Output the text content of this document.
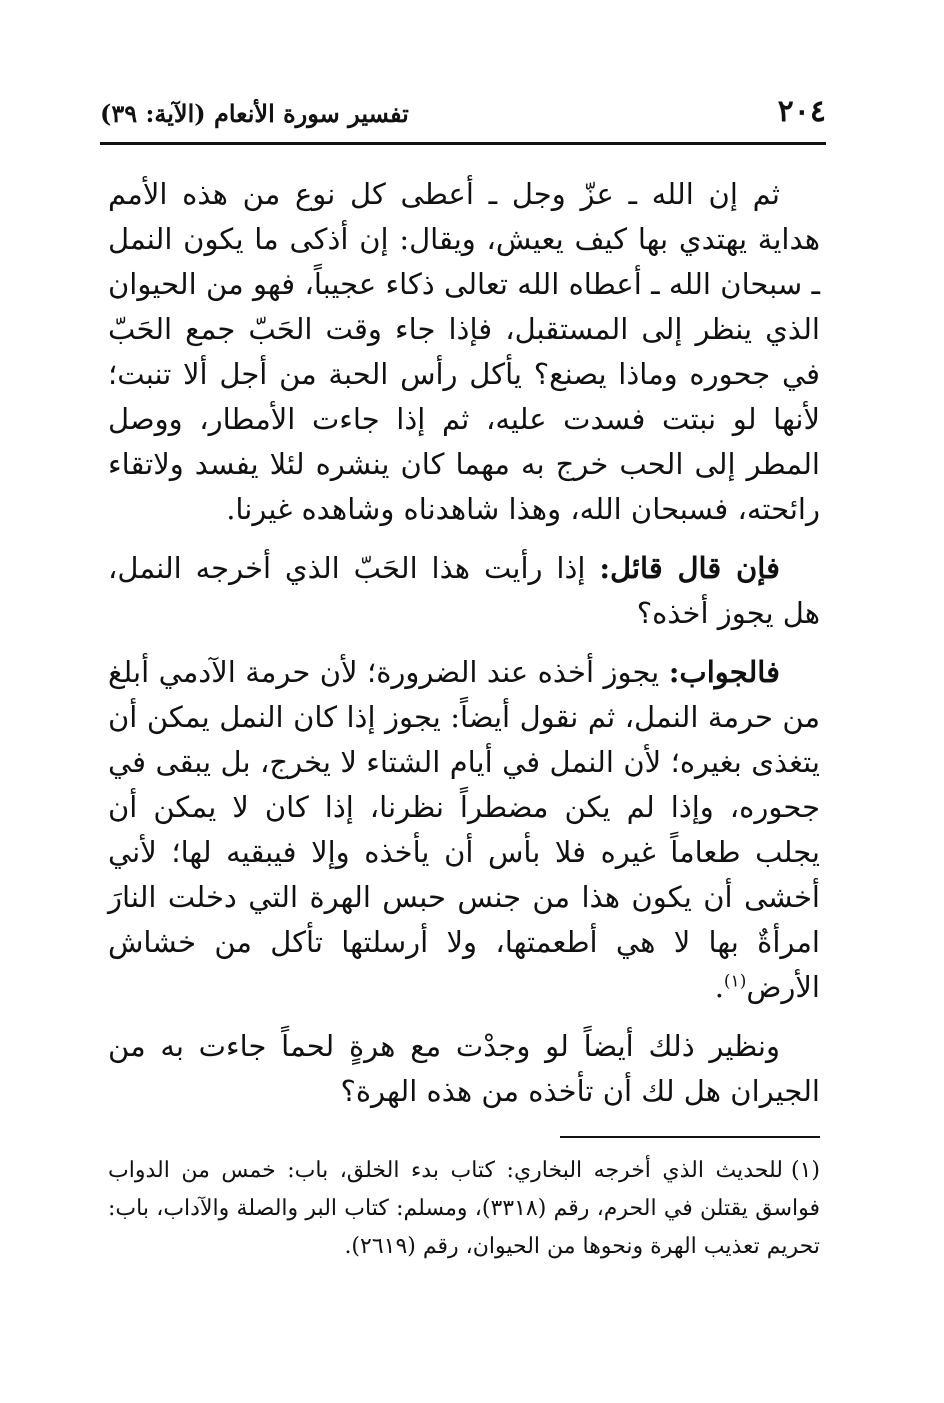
٢٠٤
تفسير سورة الأنعام (الآية: ٣٩)

ثم إن الله ـ عزّ وجل ـ أعطى كل نوع من هذه الأمم هداية يهتدي بها كيف يعيش، ويقال: إن أذكى ما يكون النمل ـ سبحان الله ـ أعطاه الله تعالى ذكاء عجيباً، فهو من الحيوان الذي ينظر إلى المستقبل، فإذا جاء وقت الحَبّ جمع الحَبّ في جحوره وماذا يصنع؟ يأكل رأس الحبة من أجل ألا تنبت؛ لأنها لو نبتت فسدت عليه، ثم إذا جاءت الأمطار، ووصل المطر إلى الحب خرج به مهما كان ينشره لئلا يفسد ولاتقاء رائحته، فسبحان الله، وهذا شاهدناه وشاهده غيرنا.

فإن قال قائل: إذا رأيت هذا الحَبّ الذي أخرجه النمل، هل يجوز أخذه؟

فالجواب: يجوز أخذه عند الضرورة؛ لأن حرمة الآدمي أبلغ من حرمة النمل، ثم نقول أيضاً: يجوز إذا كان النمل يمكن أن يتغذى بغيره؛ لأن النمل في أيام الشتاء لا يخرج، بل يبقى في جحوره، وإذا لم يكن مضطراً نظرنا، إذا كان لا يمكن أن يجلب طعاماً غيره فلا بأس أن يأخذه وإلا فيبقيه لها؛ لأني أخشى أن يكون هذا من جنس حبس الهرة التي دخلت النارَ امرأةٌ بها لا هي أطعمتها، ولا أرسلتها تأكل من خشاش الأرض$^{(١)}$.

ونظير ذلك أيضاً لو وجدْت مع هرةٍ لحماً جاءت به من الجيران هل لك أن تأخذه من هذه الهرة؟

(١)للحديث الذي أخرجه البخاري: كتاب بدء الخلق، باب: خمس من الدواب فواسق يقتلن في الحرم، رقم (٣٣١٨)، ومسلم: كتاب البر والصلة والآداب، باب: تحريم تعذيب الهرة ونحوها من الحيوان، رقم (٢٦١٩).
